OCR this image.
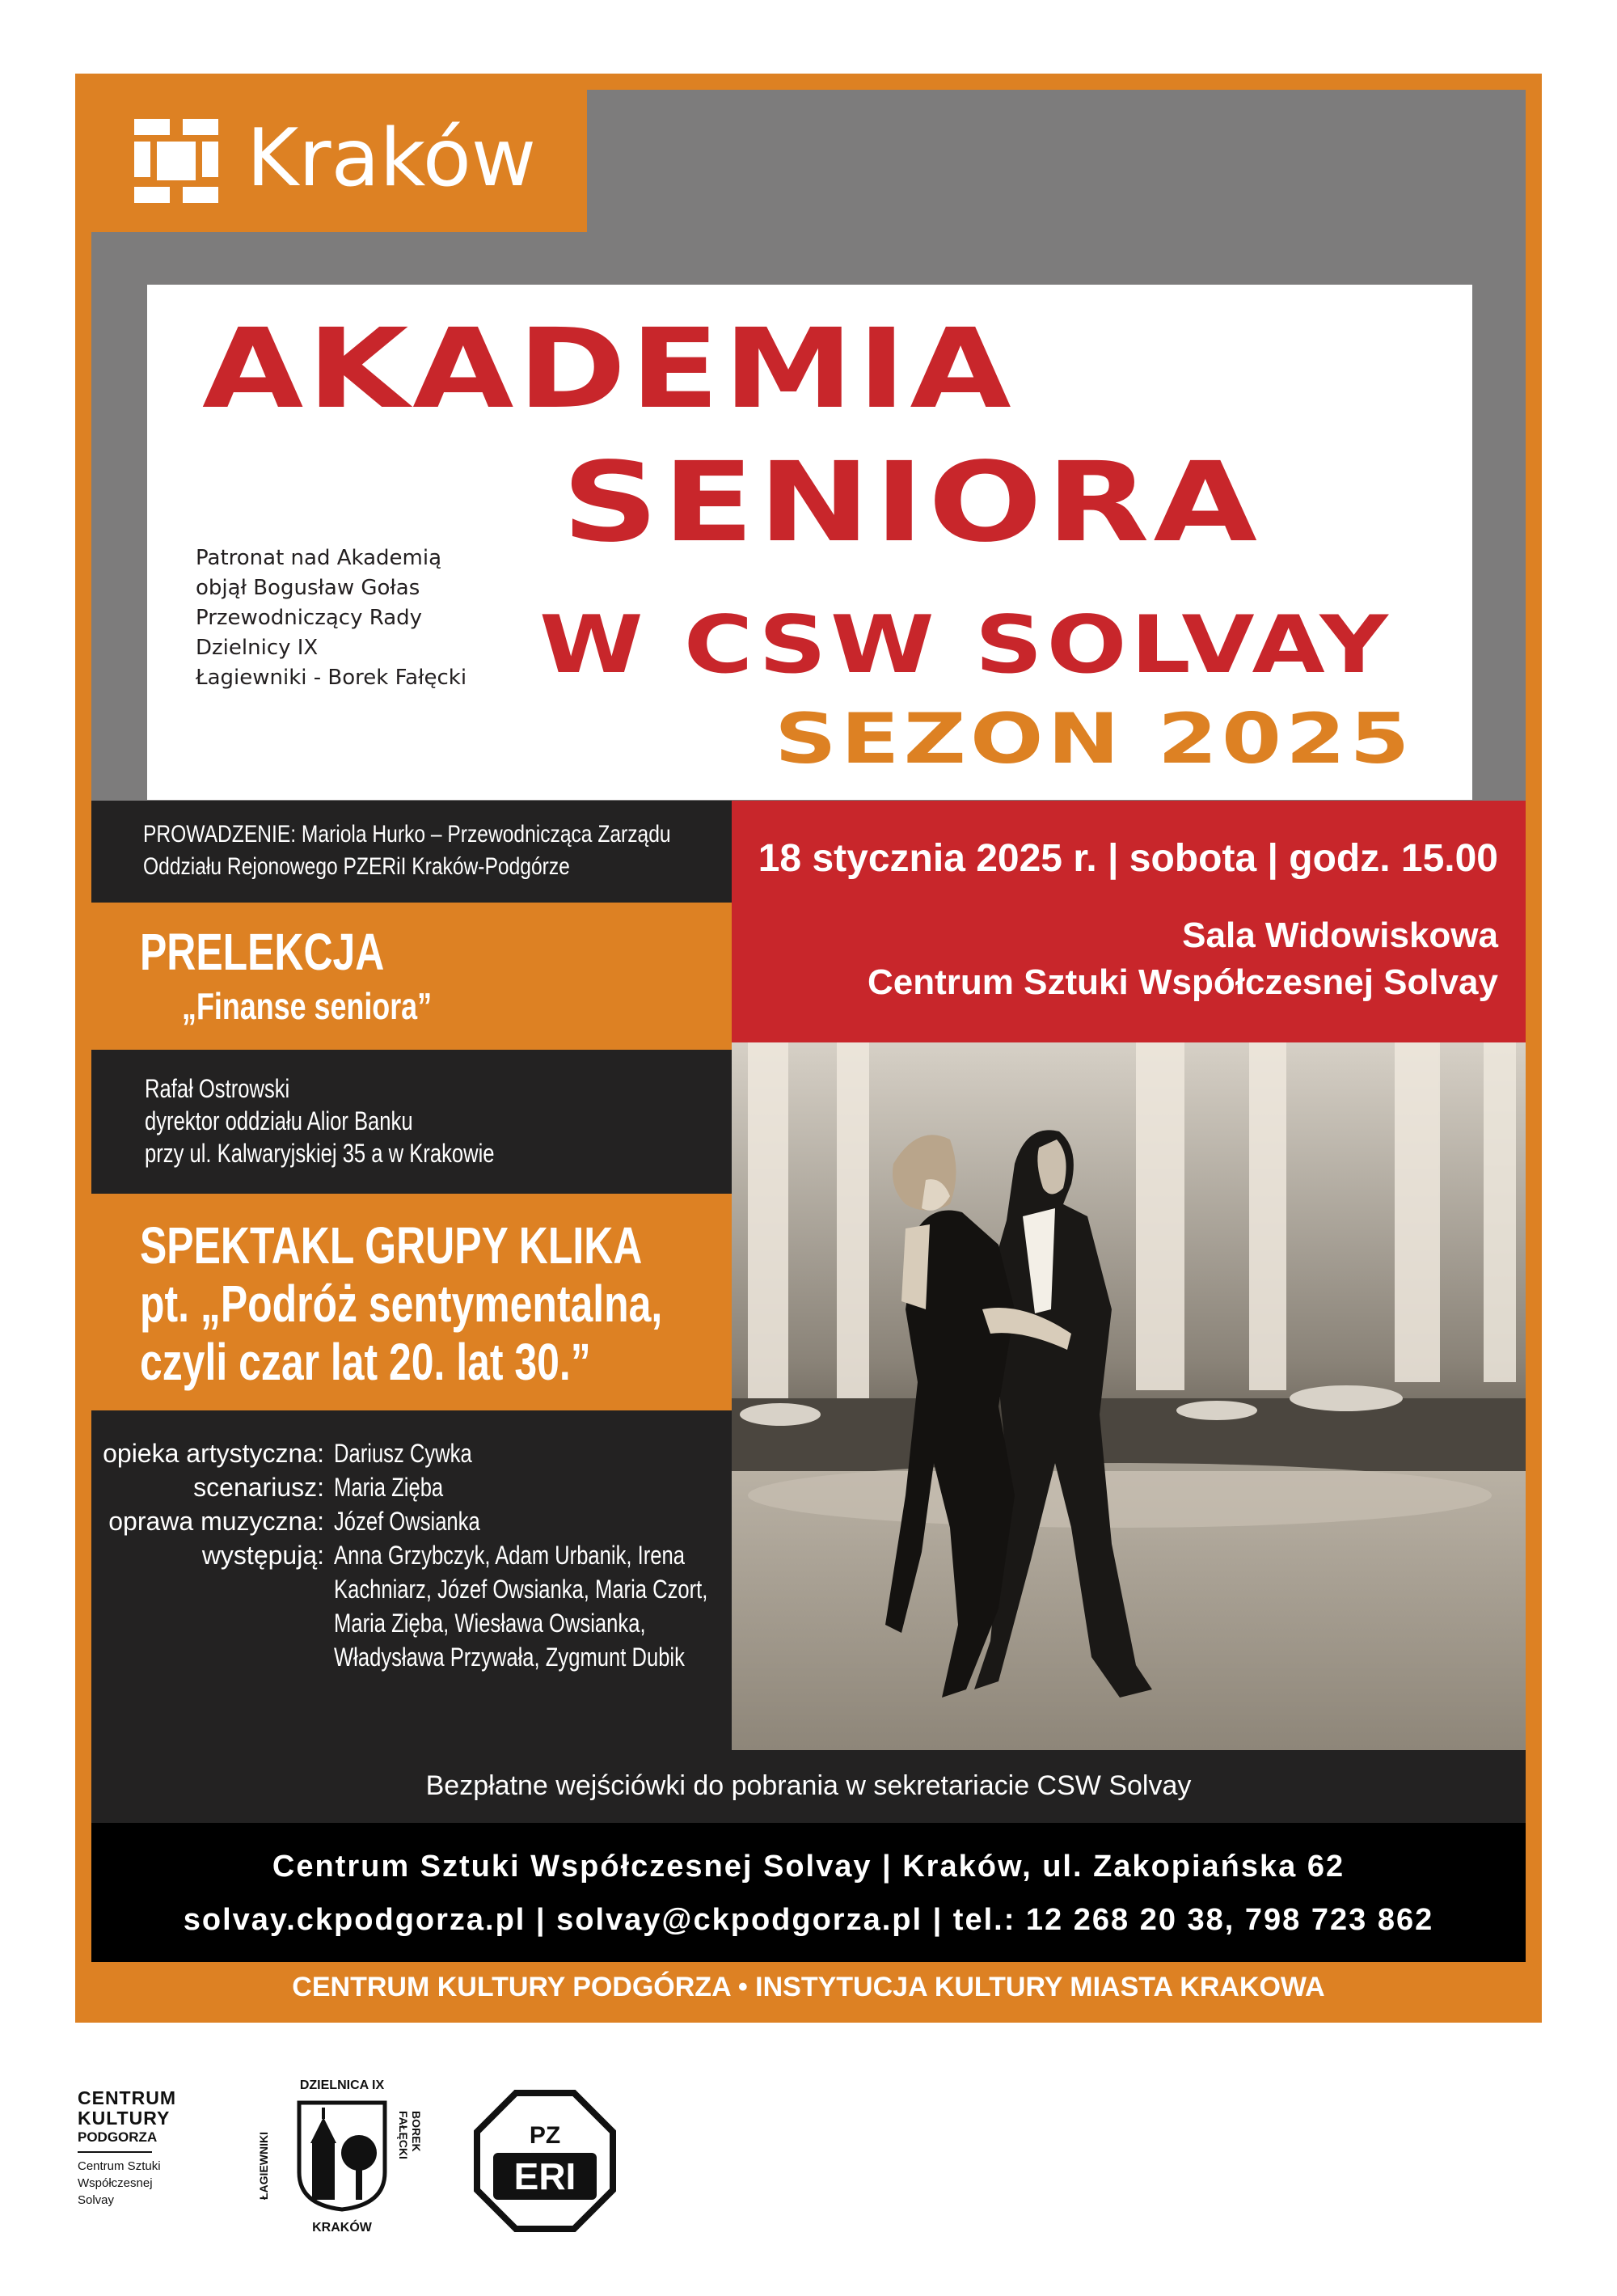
Kraków
Patronat nad Akademią
objął Bogusław Gołas
Przewodniczący Rady
Dzielnicy IX
Łagiewniki - Borek Fałęcki
AKADEMIA
SENIORA
W CSW SOLVAY
SEZON 2025
PROWADZENIE: Mariola Hurko – Przewodnicząca Zarządu
Oddziału Rejonowego PZERiI Kraków-Podgórze
PRELEKCJA
„Finanse seniora”
Rafał Ostrowski
dyrektor oddziału Alior Banku
przy ul. Kalwaryjskiej 35 a w Krakowie
SPEKTAKL GRUPY KLIKA
pt. „Podróż sentymentalna,
czyli czar lat 20. lat 30.”
opieka artystyczna:
scenariusz:
oprawa muzyczna:
występują:
Dariusz Cywka
Maria Zięba
Józef Owsianka
Anna Grzybczyk, Adam Urbanik, Irena
Kachniarz, Józef Owsianka, Maria Czort,
Maria Zięba, Wiesława Owsianka,
Władysława Przywała, Zygmunt Dubik
18 stycznia 2025 r. | sobota | godz. 15.00
Sala Widowiskowa
Centrum Sztuki Współczesnej Solvay
Bezpłatne wejściówki do pobrania w sekretariacie CSW Solvay
Centrum Sztuki Współczesnej Solvay | Kraków, ul. Zakopiańska 62
solvay.ckpodgorza.pl | solvay@ckpodgorza.pl | tel.: 12 268 20 38, 798 723 862
CENTRUM KULTURY PODGÓRZA • INSTYTUCJA KULTURY MIASTA KRAKOWA
CENTRUM
KULTURY
PODGORZA
Centrum Sztuki
Współczesnej
Solvay
DZIELNICA IX
ŁAGIEWNIKI
BOREK FAŁĘCKI
KRAKÓW
PZ
ERI
